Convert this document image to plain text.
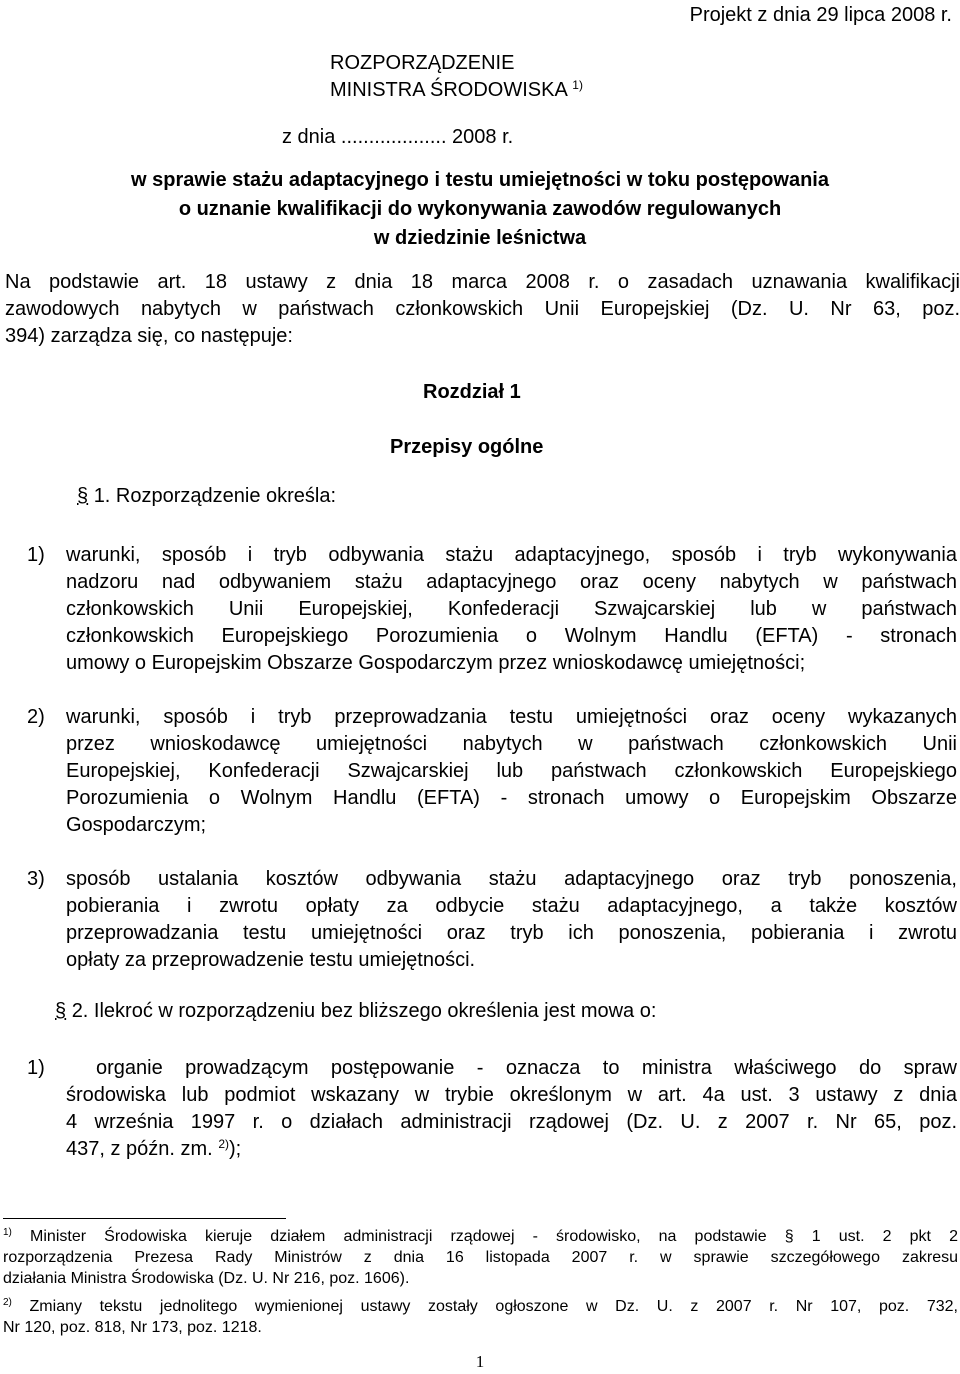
Projekt z dnia 29 lipca 2008 r.
ROZPORZĄDZENIE
MINISTRA ŚRODOWISKA $^{1)}$
z dnia ................... 2008 r.
w sprawie stażu adaptacyjnego i testu umiejętności w toku postępowania
o uznanie kwalifikacji do wykonywania zawodów regulowanych
w dziedzinie leśnictwa
Na podstawie art. 18 ustawy z dnia 18 marca 2008 r. o zasadach uznawania kwalifikacji
zawodowych nabytych w państwach członkowskich Unii Europejskiej (Dz. U. Nr 63, poz.
394) zarządza się, co następuje:
Rozdział 1
Przepisy ogólne
§ 1. Rozporządzenie określa:
1) warunki, sposób i tryb odbywania stażu adaptacyjnego, sposób i tryb wykonywania
nadzoru nad odbywaniem stażu adaptacyjnego oraz oceny nabytych w państwach
członkowskich Unii Europejskiej, Konfederacji Szwajcarskiej lub w państwach
członkowskich Europejskiego Porozumienia o Wolnym Handlu (EFTA) - stronach
umowy o Europejskim Obszarze Gospodarczym przez wnioskodawcę umiejętności;
2) warunki, sposób i tryb przeprowadzania testu umiejętności oraz oceny wykazanych
przez wnioskodawcę umiejętności nabytych w państwach członkowskich Unii
Europejskiej, Konfederacji Szwajcarskiej lub państwach członkowskich Europejskiego
Porozumienia o Wolnym Handlu (EFTA) - stronach umowy o Europejskim Obszarze
Gospodarczym;
3) sposób ustalania kosztów odbywania stażu adaptacyjnego oraz tryb ponoszenia,
pobierania i zwrotu opłaty za odbycie stażu adaptacyjnego, a także kosztów
przeprowadzania testu umiejętności oraz tryb ich ponoszenia, pobierania i zwrotu
opłaty za przeprowadzenie testu umiejętności.
§ 2. Ilekroć w rozporządzeniu bez bliższego określenia jest mowa o:
1)	organie prowadzącym postępowanie - oznacza to ministra właściwego do spraw
środowiska lub podmiot wskazany w trybie określonym w art. 4a ust. 3 ustawy z dnia
4 września 1997 r. o działach administracji rządowej (Dz. U. z 2007 r. Nr 65, poz.
437, z późn. zm. $^{2)}$);
$^{1)}$ Minister Środowiska kieruje działem administracji rządowej - środowisko, na podstawie § 1 ust. 2 pkt 2
rozporządzenia Prezesa Rady Ministrów z dnia 16 listopada 2007 r. w sprawie szczegółowego zakresu
działania Ministra Środowiska (Dz. U. Nr 216, poz. 1606).
$^{2)}$ Zmiany tekstu jednolitego wymienionej ustawy zostały ogłoszone w Dz. U. z 2007 r. Nr 107, poz. 732,
Nr 120, poz. 818, Nr 173, poz. 1218.
1
